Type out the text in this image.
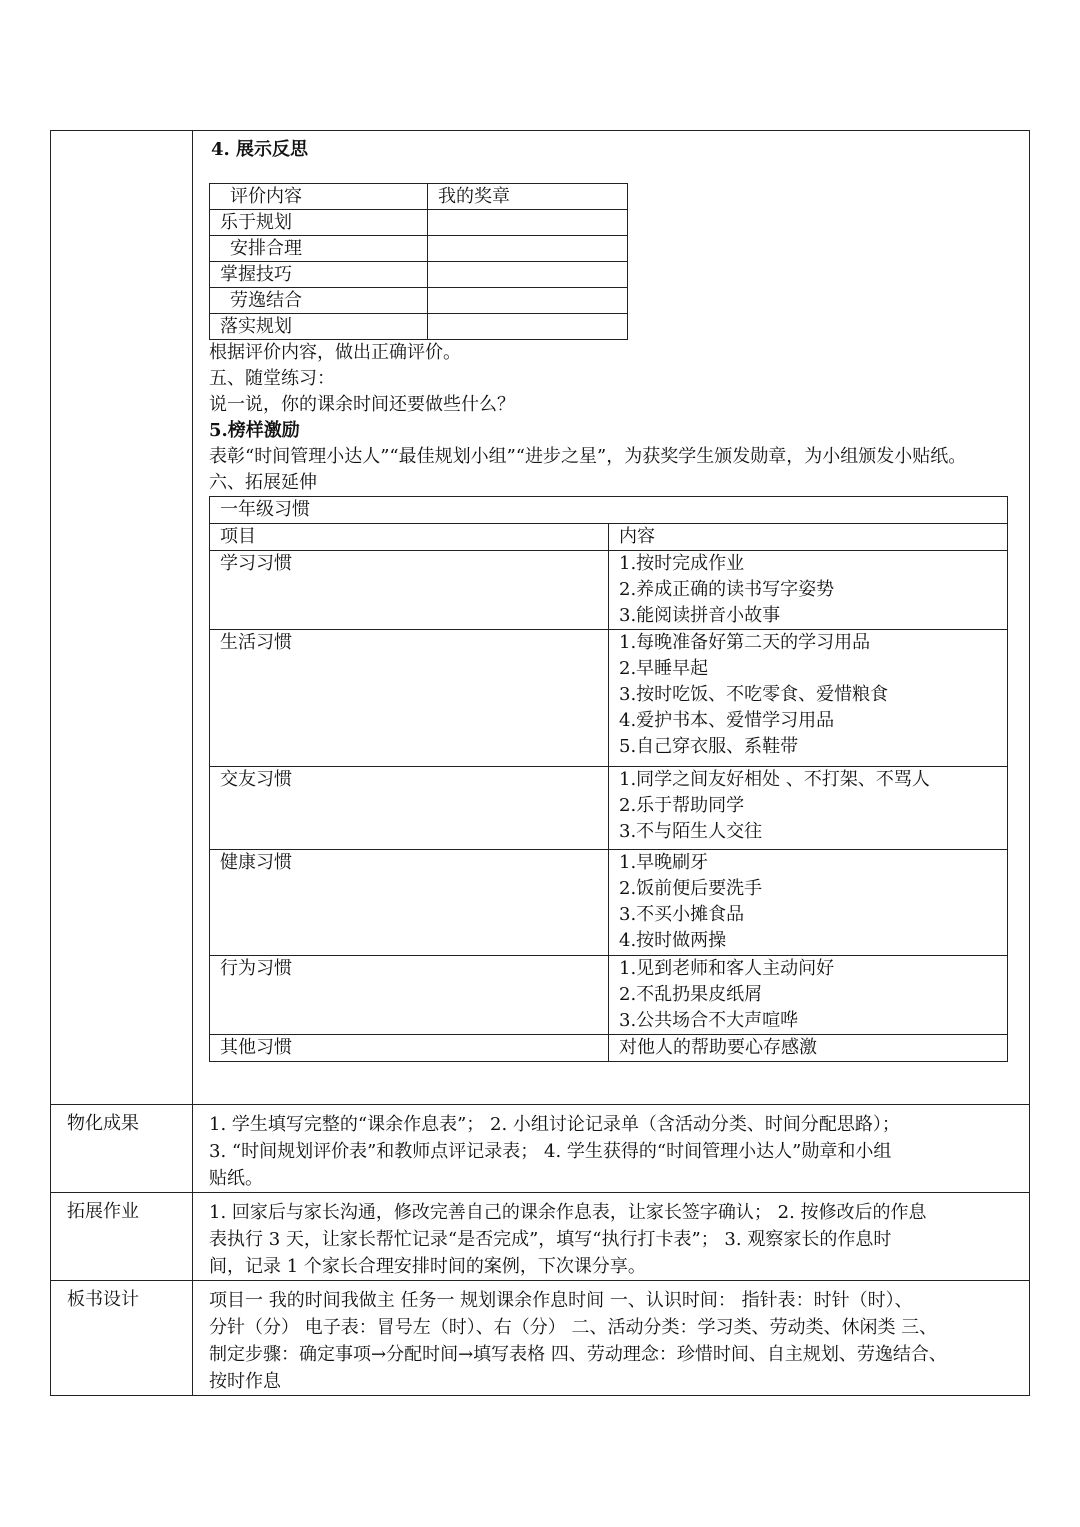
4. 展示反思
评价内容	我的奖章
乐于规划	
安排合理	
掌握技巧	
劳逸结合	
落实规划	
根据评价内容，做出正确评价。
五、随堂练习：
说一说，你的课余时间还要做些什么？
5.榜样激励
表彰“时间管理小达人”“最佳规划小组”“进步之星”，为获奖学生颁发勋章，为小组颁发小贴纸。
六、拓展延伸
一年级习惯
项目	内容
学习习惯	1.按时完成作业
2.养成正确的读书写字姿势
3.能阅读拼音小故事

生活习惯	1.每晚准备好第二天的学习用品
2.早睡早起
3.按时吃饭、不吃零食、爱惜粮食
4.爱护书本、爱惜学习用品
5.自己穿衣服、系鞋带

交友习惯	1.同学之间友好相处 、不打架、不骂人
2.乐于帮助同学
3.不与陌生人交往

健康习惯	1.早晚刷牙
2.饭前便后要洗手
3.不买小摊食品
4.按时做两操

行为习惯	1.见到老师和客人主动问好
2.不乱扔果皮纸屑
3.公共场合不大声喧哗

其他习惯	对他人的帮助要心存感激

物化成果	1. 学生填写完整的“课余作息表”； 2. 小组讨论记录单（含活动分类、时间分配思路）；
3. “时间规划评价表”和教师点评记录表； 4. 学生获得的“时间管理小达人”勋章和小组
贴纸。

拓展作业	1. 回家后与家长沟通，修改完善自己的课余作息表，让家长签字确认； 2. 按修改后的作息
表执行 3 天，让家长帮忙记录“是否完成”，填写“执行打卡表”； 3. 观察家长的作息时
间，记录 1 个家长合理安排时间的案例，下次课分享。

板书设计	项目一 我的时间我做主 任务一 规划课余作息时间 一、认识时间： 指针表：时针（时）、
分针（分） 电子表：冒号左（时）、右（分） 二、活动分类：学习类、劳动类、休闲类 三、
制定步骤：确定事项→分配时间→填写表格 四、劳动理念：珍惜时间、自主规划、劳逸结合、
按时作息
